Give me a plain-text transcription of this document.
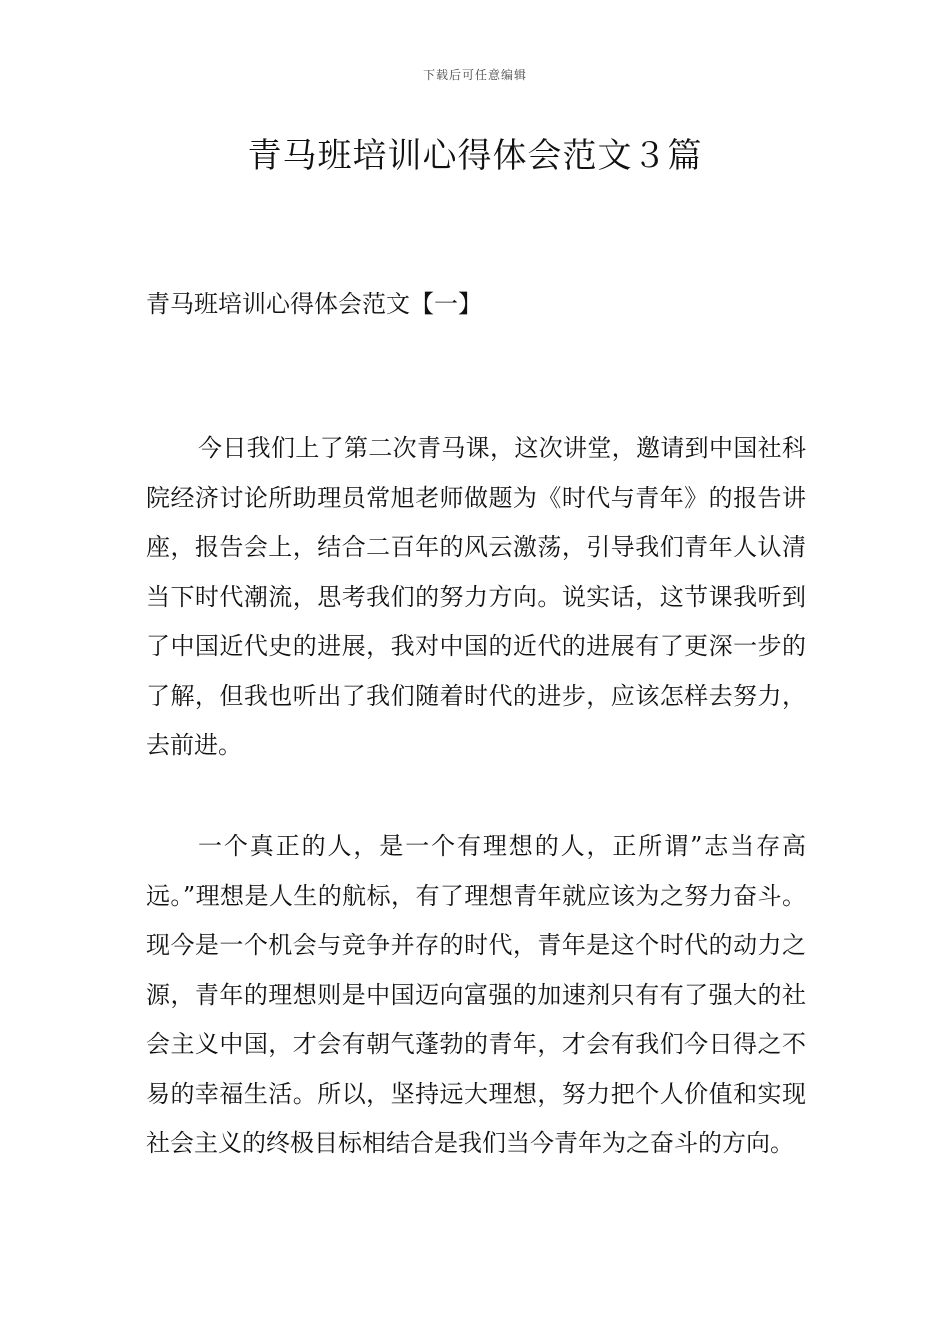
下载后可任意编辑
青马班培训心得体会范文３篇
青马班培训心得体会范文【一】

今日我们上了第二次青马课，这次讲堂，邀请到中国社科院经济讨论所助理员常旭老师做题为《时代与青年》的报告讲座，报告会上，结合二百年的风云激荡，引导我们青年人认清当下时代潮流，思考我们的努力方向。说实话，这节课我听到了中国近代史的进展，我对中国的近代的进展有了更深一步的了解，但我也听出了我们随着时代的进步，应该怎样去努力，去前进。

一个真正的人，是一个有理想的人，正所谓”志当存高远。”理想是人生的航标，有了理想青年就应该为之努力奋斗。现今是一个机会与竞争并存的时代，青年是这个时代的动力之源，青年的理想则是中国迈向富强的加速剂只有有了强大的社会主义中国，才会有朝气蓬勃的青年，才会有我们今日得之不易的幸福生活。所以，坚持远大理想，努力把个人价值和实现社会主义的终极目标相结合是我们当今青年为之奋斗的方向。
